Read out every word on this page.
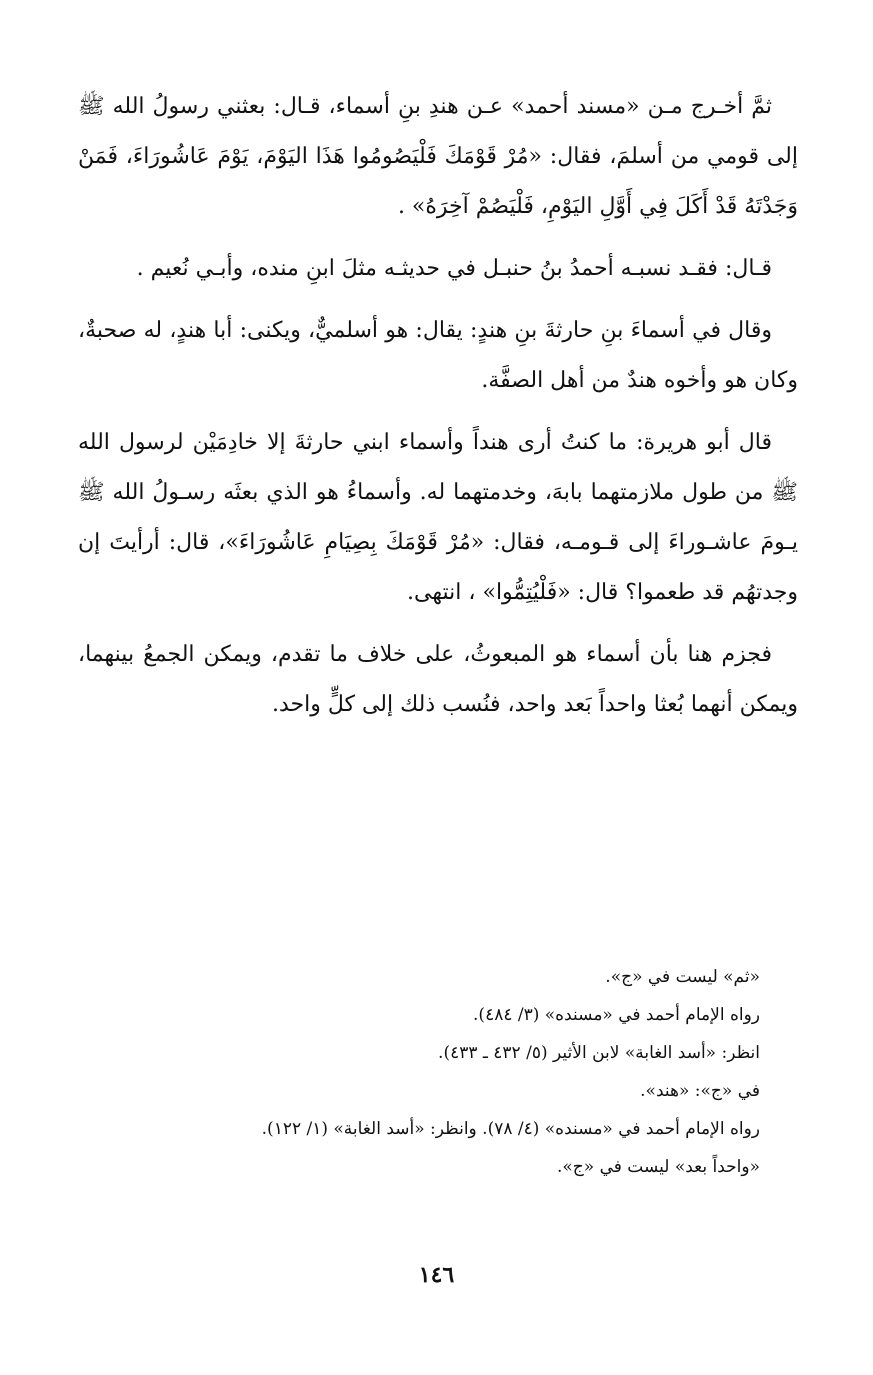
ثمَّ أخـرج مـن «مسند أحمد» عـن هندِ بنِ أسماء، قـال: بعثني رسولُ الله ﷺ إلى قومي من أسلمَ، فقال: «مُرْ قَوْمَكَ فَلْيَصُومُوا هَذَا اليَوْمَ، يَوْمَ عَاشُورَاءَ، فَمَنْ وَجَدْتَهُ قَدْ أَكَلَ فِي أَوَّلِ اليَوْمِ، فَلْيَصُمْ آخِرَهُ» .

قـال: فقـد نسبـه أحمدُ بنُ حنبـل في حديثـه مثلَ ابنِ منده، وأبـي نُعيم .

وقال في أسماءَ بنِ حارثةَ بنِ هندٍ: يقال: هو أسلميٌّ، ويكنى: أبا هندٍ، له صحبةٌ، وكان هو وأخوه هندٌ من أهل الصفَّة.

قال أبو هريرة: ما كنتُ أرى هنداً وأسماء ابني حارثةَ إلا خادِمَيْن لرسول الله ﷺ من طول ملازمتهما بابهَ، وخدمتهما له. وأسماءُ هو الذي بعثَه رسـولُ الله ﷺ يـومَ عاشـوراءَ إلى قـومـه، فقال: «مُرْ قَوْمَكَ بِصِيَامِ عَاشُورَاءَ»، قال: أرأيتَ إن وجدتهُم قد طعموا؟ قال: «فَلْيُتِمُّوا» ، انتهى.

فجزم هنا بأن أسماء هو المبعوثُ، على خلاف ما تقدم، ويمكن الجمعُ بينهما، ويمكن أنهما بُعثا واحداً بَعد واحد، فنُسب ذلك إلى كلٍّ واحد.

«ثم» ليست في «ج».
رواه الإمام أحمد في «مسنده» (٣/ ٤٨٤).
انظر: «أسد الغابة» لابن الأثير (٥/ ٤٣٢ ـ ٤٣٣).
في «ج»: «هند».
رواه الإمام أحمد في «مسنده» (٤/ ٧٨). وانظر: «أسد الغابة» (١/ ١٢٢).
«واحداً بعد» ليست في «ج».
١٤٦
